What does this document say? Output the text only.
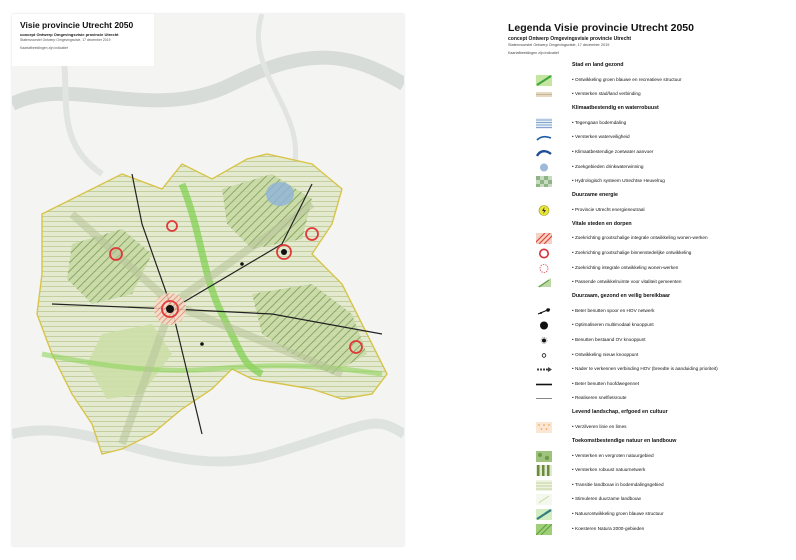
Visie provincie Utrecht 2050
concept Ontwerp Omgevingsvisie provincie Utrecht
Statenvoorstel Ontwerp Omgevingsvisie, 17 december 2019
Kaartafbeeldingen zijn indicatief
Legenda Visie provincie Utrecht 2050
concept Ontwerp Omgevingsvisie provincie Utrecht
Statenvoorstel Ontwerp Omgevingsvisie, 17 december 2019
Kaartafbeeldingen zijn indicatief
Stad en land gezond
• Ontwikkeling groen blauwe en recreatieve structuur
• Versterken stad/land verbinding
Klimaatbestendig en waterrobuust
• Tegengaan bodemdaling
• Versterken waterveiligheid
• Klimaatbestendige zoetwater aanvoer
• Zoekgebieden drinkwaterwinning
• Hydrologisch systeem Utrechtse Heuvelrug
Duurzame energie
• Provincie Utrecht energieneutraal
Vitale steden en dorpen
• Zoekrichting grootschalige integrale ontwikkeling wonen-werken
• Zoekrichting grootschalige binnenstedelijke ontwikkeling
• Zoekrichting integrale ontwikkeling wonen-werken
• Passende ontwikkelruimte voor vitaliteit gemeenten
Duurzaam, gezond en veilig bereikbaar
• Beter benutten spoor en HOV netwerk
• Optimaliseren multimodaal knooppunt
• Benutten bestaand OV knooppunt
• Ontwikkeling nieuw knooppunt
• Nader te verkennen verbinding HOV (breedte is aanduiding prioriteit)
• Beter benutten hoofdwegennet
• Realiseren snelfietsroute
Levend landschap, erfgoed en cultuur
• Verzilveren linie en limes
Toekomstbestendige natuur en landbouw
• Versterken en vergroten natuurgebied
• Versterken robuust natuurnetwerk
• Transitie landbouw in bodemdalingsgebied
• Stimuleren duurzame landbouw
• Natuurontwikkeling groen blauwe structuur
• Koesteren Natura 2000-gebieden
